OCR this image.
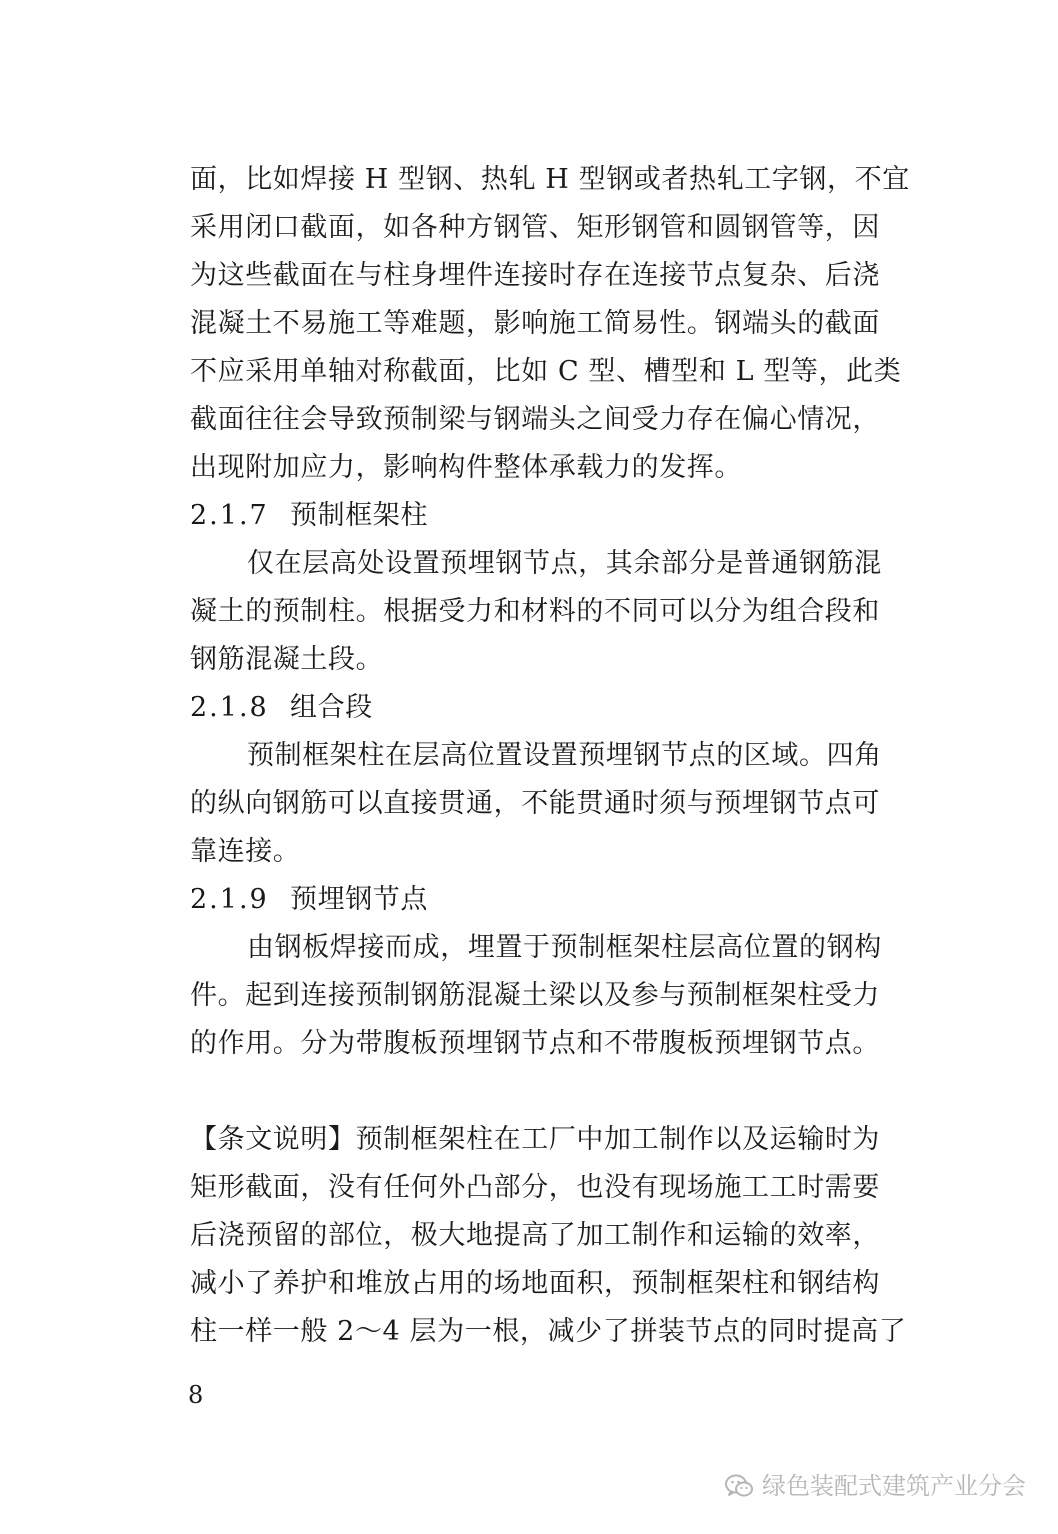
面，比如焊接 H 型钢、热轧 H 型钢或者热轧工字钢，不宜
采用闭口截面，如各种方钢管、矩形钢管和圆钢管等，因
为这些截面在与柱身埋件连接时存在连接节点复杂、后浇
混凝土不易施工等难题，影响施工简易性。钢端头的截面
不应采用单轴对称截面，比如 C 型、槽型和 L 型等，此类
截面往往会导致预制梁与钢端头之间受力存在偏心情况，
出现附加应力，影响构件整体承载力的发挥。
2.1.7 预制框架柱
仅在层高处设置预埋钢节点，其余部分是普通钢筋混
凝土的预制柱。根据受力和材料的不同可以分为组合段和
钢筋混凝土段。
2.1.8 组合段
预制框架柱在层高位置设置预埋钢节点的区域。四角
的纵向钢筋可以直接贯通，不能贯通时须与预埋钢节点可
靠连接。
2.1.9 预埋钢节点
由钢板焊接而成，埋置于预制框架柱层高位置的钢构
件。起到连接预制钢筋混凝土梁以及参与预制框架柱受力
的作用。分为带腹板预埋钢节点和不带腹板预埋钢节点。
【条文说明】预制框架柱在工厂中加工制作以及运输时为
矩形截面，没有任何外凸部分，也没有现场施工工时需要
后浇预留的部位，极大地提高了加工制作和运输的效率，
减小了养护和堆放占用的场地面积，预制框架柱和钢结构
柱一样一般 2～4 层为一根，减少了拼装节点的同时提高了
8
绿色装配式建筑产业分会
